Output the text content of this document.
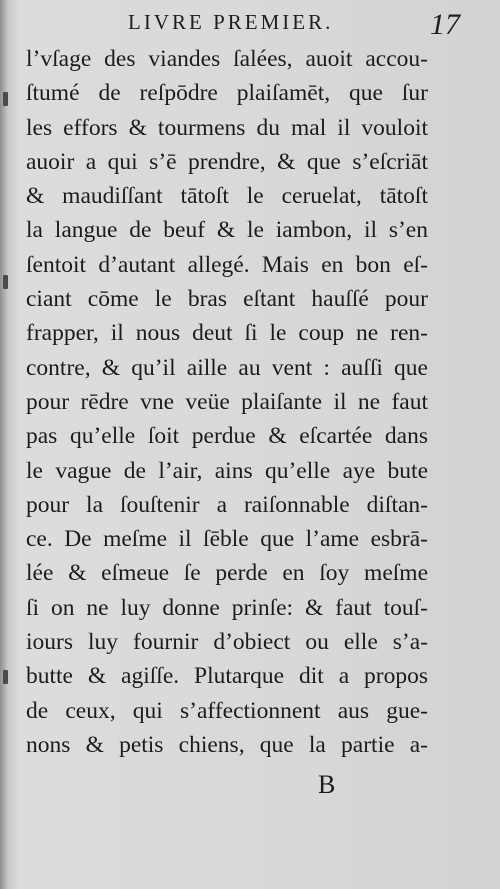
LIVRE PREMIER.	17
l’vſage des viandes ſalées, auoit accou-
ſtumé de reſpōdre plaiſamēt, que ſur
les effors & tourmens du mal il vouloit
auoir a qui s’ē prendre, & que s’eſcriāt
& maudiſſant tātoſt le ceruelat, tātoſt
la langue de beuf & le iambon, il s’en
ſentoit d’autant allegé. Mais en bon eſ-
ciant cōme le bras eſtant hauſſé pour
frapper, il nous deut ſi le coup ne ren-
contre, & qu’il aille au vent : auſſi que
pour rēdre vne veüe plaiſante il ne faut
pas qu’elle ſoit perdue & eſcartée dans
le vague de l’air, ains qu’elle aye bute
pour la ſouſtenir a raiſonnable diſtan-
ce. De meſme il ſēble que l’ame esbrā-
lée & eſmeue ſe perde en ſoy meſme
ſi on ne luy donne prinſe: & faut touſ-
iours luy fournir d’obiect ou elle s’a-
butte & agiſſe. Plutarque dit a propos
de ceux, qui s’affectionnent aus gue-
nons & petis chiens, que la partie a-
B
